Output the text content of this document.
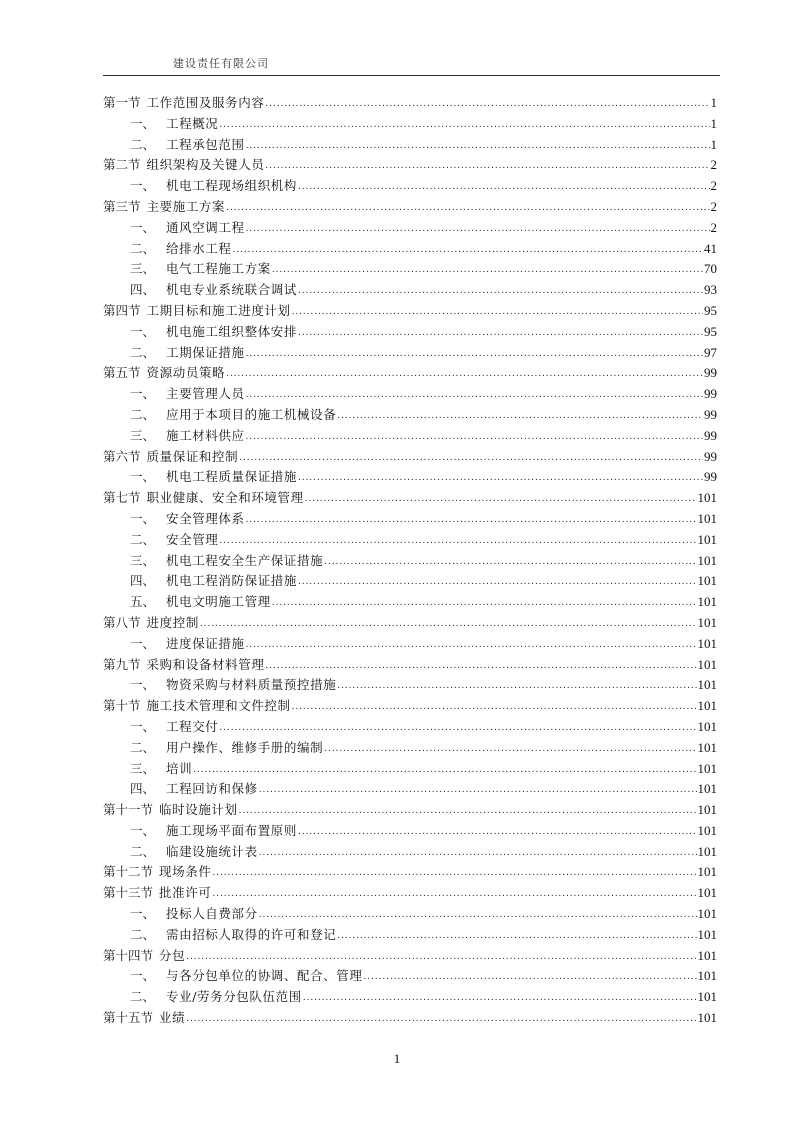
建设责任有限公司
第一节 工作范围及服务内容 .....	1
一、 工程概况 .....	1
二、 工程承包范围 .....	1
第二节 组织架构及关键人员 .....	2
一、 机电工程现场组织机构 .....	2
第三节 主要施工方案 .....	2
一、 通风空调工程 .....	2
二、 给排水工程 .....	41
三、 电气工程施工方案 .....	70
四、 机电专业系统联合调试 .....	93
第四节 工期目标和施工进度计划 .....	95
一、 机电施工组织整体安排 .....	95
二、 工期保证措施 .....	97
第五节 资源动员策略 .....	99
一、 主要管理人员 .....	99
二、 应用于本项目的施工机械设备 .....	99
三、 施工材料供应 .....	99
第六节 质量保证和控制 .....	99
一、 机电工程质量保证措施 .....	99
第七节 职业健康、安全和环境管理 .....	101
一、 安全管理体系 .....	101
二、 安全管理 .....	101
三、 机电工程安全生产保证措施 .....	101
四、 机电工程消防保证措施 .....	101
五、 机电文明施工管理 .....	101
第八节 进度控制 .....	101
一、 进度保证措施 .....	101
第九节 采购和设备材料管理 .....	101
一、 物资采购与材料质量预控措施 .....	101
第十节 施工技术管理和文件控制 .....	101
一、 工程交付 .....	101
二、 用户操作、维修手册的编制 .....	101
三、 培训 .....	101
四、 工程回访和保修 .....	101
第十一节 临时设施计划 .....	101
一、 施工现场平面布置原则 .....	101
二、 临建设施统计表 .....	101
第十二节 现场条件 .....	101
第十三节 批准许可 .....	101
一、 投标人自费部分 .....	101
二、 需由招标人取得的许可和登记 .....	101
第十四节 分包 .....	101
一、 与各分包单位的协调、配合、管理 .....	101
二、 专业/劳务分包队伍范围 .....	101
第十五节 业绩 .....	101
1
